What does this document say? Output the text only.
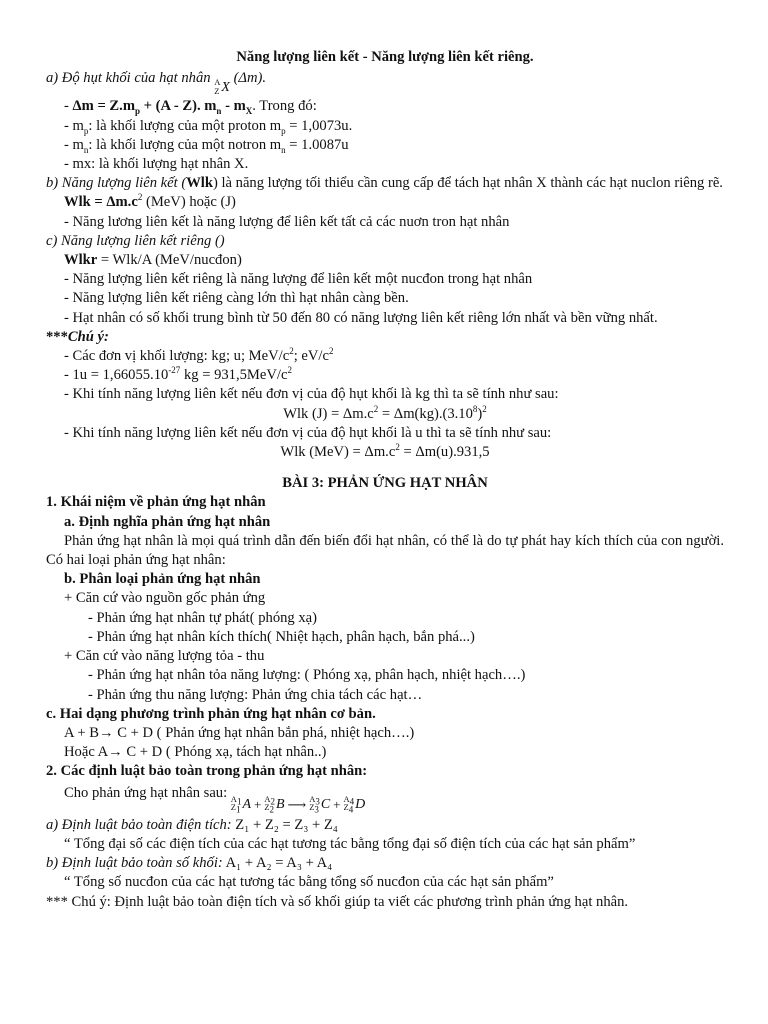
Năng lượng liên kết - Năng lượng liên kết riêng.

a) Độ hụt khối của hạt nhân A
Z X
(Δm).

- $\Delta m = Z.m_p + (A - Z)$. $m_n - m_X$. Trong đó:

- $m_p$: là khối lượng của một proton $m_p = 1,0073u$.

- $m_n$: là khối lượng của một notron $m_n = 1.0087u$

- mx: là khối lượng hạt nhân X.

b) Năng lượng liên kết (Wlk) là năng lượng tối thiểu cần cung cấp để tách hạt nhân X thành các hạt nuclon riêng rẽ.

Wlk = $\Delta m.c^2$ (MeV) hoặc (J)

- Năng lương liên kết là năng lượng để liên kết tất cả các nuơn tron hạt nhân

c) Năng lượng liên kết riêng ()

Wlkr = Wlk/A (MeV/nucđon)

- Năng lượng liên kết riêng là năng lượng để liên kết một nucđon trong hạt nhân

- Năng lượng liên kết riêng càng lớn thì hạt nhân càng bền.

- Hạt nhân có số khối trung bình từ 50 đến 80 có năng lượng liên kết riêng lớn nhất và bền vững nhất.

***Chú ý:

- Các đơn vị khối lượng: kg; u; MeV/$c^2$; $eV/c^2$

- $1u = 1,66055.10^{-27}$ kg = $931,5MeV/c^2$

- Khi tính năng lượng liên kết nếu đơn vị của độ hụt khối là kg thì ta sẽ tính như sau:

Wlk $(J) = \Delta m.c^2 = \Delta m(kg).(3.10^8)^2$

- Khi tính năng lượng liên kết nếu đơn vị của độ hụt khối là u thì ta sẽ tính như sau:

Wlk $(MeV) = \Delta m.c^2 = \Delta m(u).931,5$

BÀI 3: PHẢN ỨNG HẠT NHÂN

1. Khái niệm về phản ứng hạt nhân

a. Định nghĩa phản ứng hạt nhân

Phản ứng hạt nhân là mọi quá trình dẫn đến biến đổi hạt nhân, có thể là do tự phát hay kích thích của con người. Có hai loại phản ứng hạt nhân:

b. Phân loại phản ứng hạt nhân

+ Căn cứ vào nguồn gốc phản ứng

- Phản ứng hạt nhân tự phát( phóng xạ)

- Phản ứng hạt nhân kích thích( Nhiệt hạch, phân hạch, bắn phá...)

+ Căn cứ vào năng lượng tỏa - thu

- Phản ứng hạt nhân tỏa năng lượng: ( Phóng xạ, phân hạch, nhiệt hạch….)

- Phản ứng thu năng lượng: Phản ứng chia tách các hạt…

c. Hai dạng phương trình phản ứng hạt nhân cơ bản.

A + B→ C + D ( Phản ứng hạt nhân bắn phá, nhiệt hạch….)

Hoặc A→ C + D ( Phóng xạ, tách hạt nhân..)

2. Các định luật bảo toàn trong phản ứng hạt nhân:

Cho phản ứng hạt nhân sau: $A_1$
$Z_1$ $A + A_2$
$Z_2$ B ⟶ $A_3$
$Z_3$ $C + A_4$
$Z_4$ D

a) Định luật bảo toàn điện tích: Z₁ + Z₂ = Z₃ + Z₄

“ Tổng đại số các điện tích của các hạt tương tác bằng tổng đại số điện tích của các hạt sản phẩm”

b) Định luật bảo toàn số khối: A₁ + A₂ = A₃ + A₄

“ Tổng số nucđon của các hạt tương tác bằng tổng số nucđon của các hạt sản phẩm”

*** Chú ý: Định luật bảo toàn điện tích và số khối giúp ta viết các phương trình phản ứng hạt nhân.
